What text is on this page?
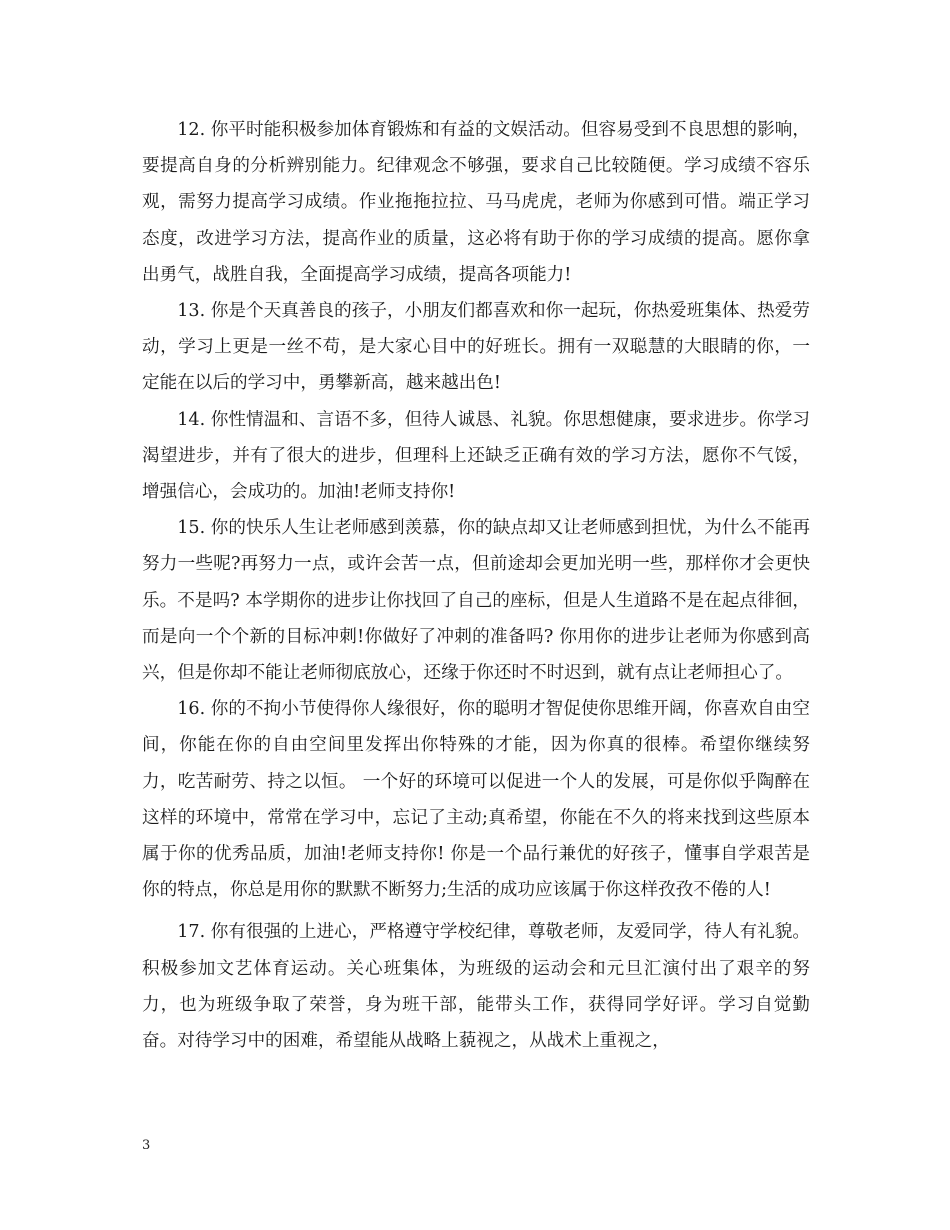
12. 你平时能积极参加体育锻炼和有益的文娱活动。但容易受到不良思想的影响，要提高自身的分析辨别能力。纪律观念不够强，要求自己比较随便。学习成绩不容乐观，需努力提高学习成绩。作业拖拖拉拉、马马虎虎，老师为你感到可惜。端正学习态度，改进学习方法，提高作业的质量，这必将有助于你的学习成绩的提高。愿你拿出勇气，战胜自我，全面提高学习成绩，提高各项能力!

13. 你是个天真善良的孩子，小朋友们都喜欢和你一起玩，你热爱班集体、热爱劳动，学习上更是一丝不苟，是大家心目中的好班长。拥有一双聪慧的大眼睛的你，一定能在以后的学习中，勇攀新高，越来越出色!

14. 你性情温和、言语不多，但待人诚恳、礼貌。你思想健康，要求进步。你学习渴望进步，并有了很大的进步，但理科上还缺乏正确有效的学习方法，愿你不气馁，增强信心，会成功的。加油!老师支持你!

15. 你的快乐人生让老师感到羡慕，你的缺点却又让老师感到担忧，为什么不能再努力一些呢?再努力一点，或许会苦一点，但前途却会更加光明一些，那样你才会更快乐。不是吗? 本学期你的进步让你找回了自己的座标，但是人生道路不是在起点徘徊，而是向一个个新的目标冲刺!你做好了冲刺的准备吗? 你用你的进步让老师为你感到高兴，但是你却不能让老师彻底放心，还缘于你还时不时迟到，就有点让老师担心了。

16. 你的不拘小节使得你人缘很好，你的聪明才智促使你思维开阔，你喜欢自由空间，你能在你的自由空间里发挥出你特殊的才能，因为你真的很棒。希望你继续努力，吃苦耐劳、持之以恒。 一个好的环境可以促进一个人的发展，可是你似乎陶醉在这样的环境中，常常在学习中，忘记了主动;真希望，你能在不久的将来找到这些原本属于你的优秀品质，加油!老师支持你! 你是一个品行兼优的好孩子，懂事自学艰苦是你的特点，你总是用你的默默不断努力;生活的成功应该属于你这样孜孜不倦的人!

17. 你有很强的上进心，严格遵守学校纪律，尊敬老师，友爱同学，待人有礼貌。积极参加文艺体育运动。关心班集体，为班级的运动会和元旦汇演付出了艰辛的努力，也为班级争取了荣誉，身为班干部，能带头工作，获得同学好评。学习自觉勤奋。对待学习中的困难，希望能从战略上藐视之，从战术上重视之，

3
